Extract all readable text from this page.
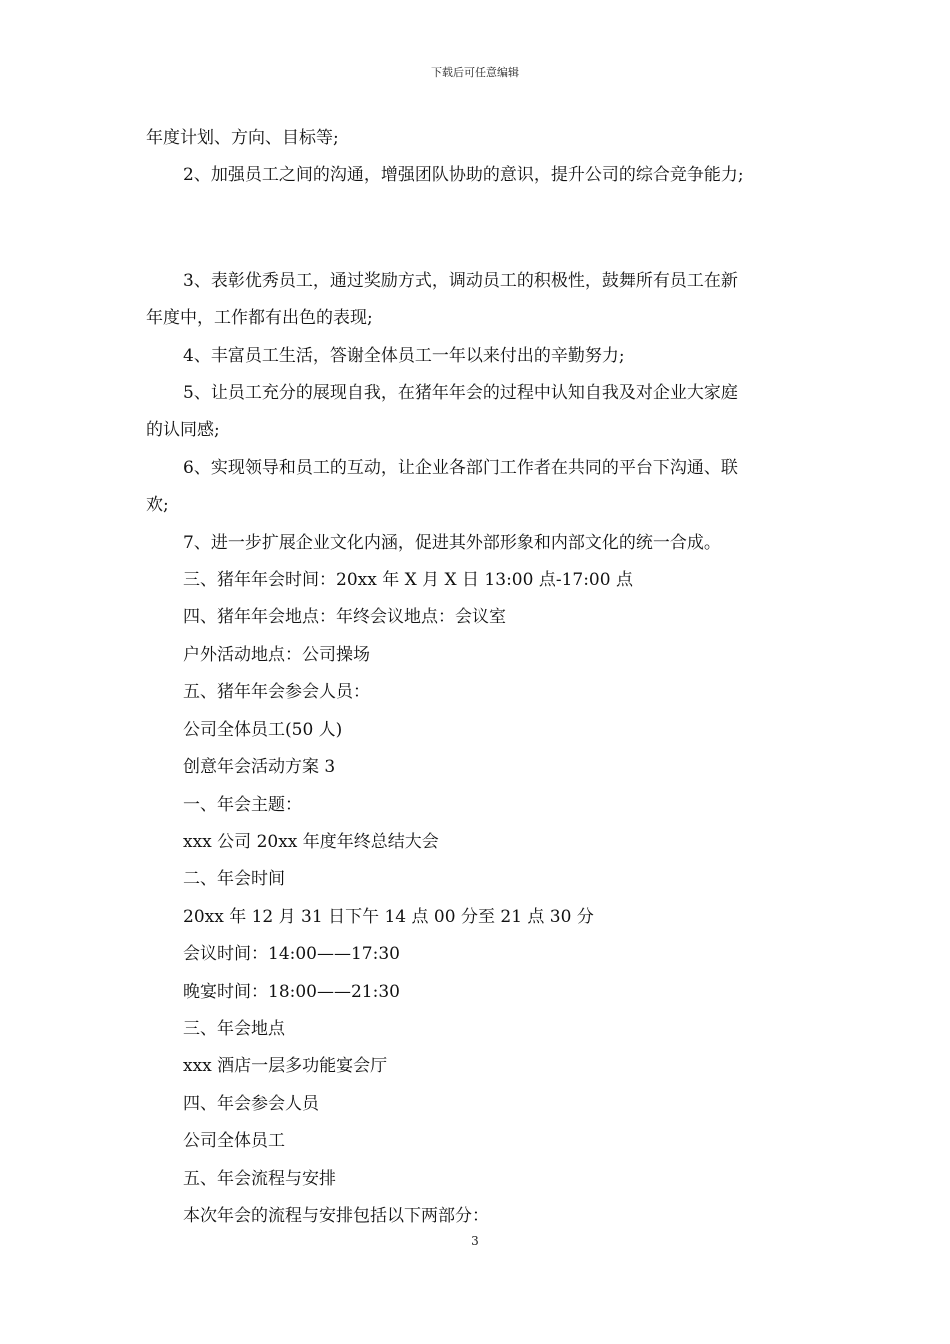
下载后可任意编辑

年度计划、方向、目标等;

2、加强员工之间的沟通，增强团队协助的意识，提升公司的综合竞争能力;

3、表彰优秀员工，通过奖励方式，调动员工的积极性，鼓舞所有员工在新

年度中，工作都有出色的表现;

4、丰富员工生活，答谢全体员工一年以来付出的辛勤努力;

5、让员工充分的展现自我，在猪年年会的过程中认知自我及对企业大家庭

的认同感;

6、实现领导和员工的互动，让企业各部门工作者在共同的平台下沟通、联

欢;

7、进一步扩展企业文化内涵，促进其外部形象和内部文化的统一合成。

三、猪年年会时间：20xx 年 X 月 X 日 13:00 点-17:00 点

四、猪年年会地点：年终会议地点：会议室

户外活动地点：公司操场

五、猪年年会参会人员：

公司全体员工(50 人)

创意年会活动方案 3

一、年会主题：

xxx 公司 20xx 年度年终总结大会

二、年会时间

20xx 年 12 月 31 日下午 14 点 00 分至 21 点 30 分

会议时间：14:00——17:30

晚宴时间：18:00——21:30

三、年会地点

xxx 酒店一层多功能宴会厅

四、年会参会人员

公司全体员工

五、年会流程与安排

本次年会的流程与安排包括以下两部分：

3
